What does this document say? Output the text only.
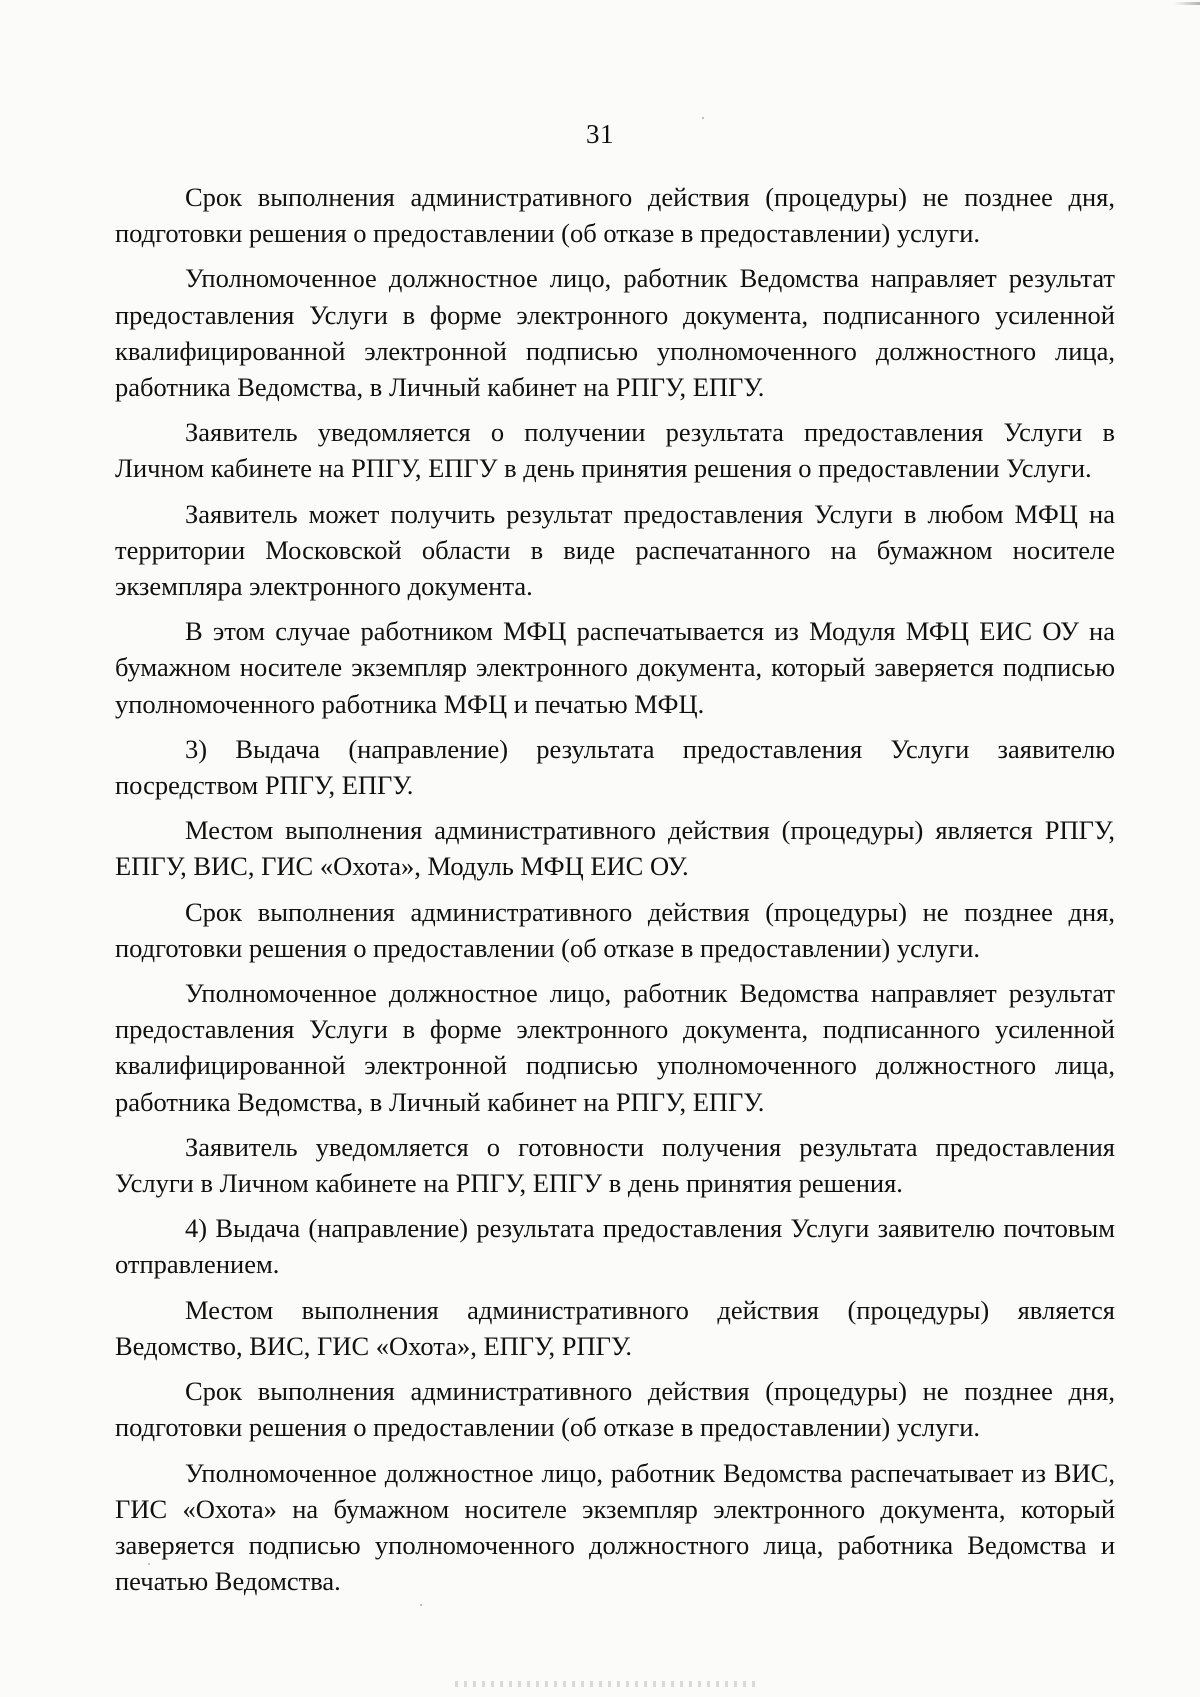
31

Срок выполнения административного действия (процедуры) не позднее дня, подготовки решения о предоставлении (об отказе в предоставлении) услуги.

Уполномоченное должностное лицо, работник Ведомства направляет результат предоставления Услуги в форме электронного документа, подписанного усиленной квалифицированной электронной подписью уполномоченного должностного лица, работника Ведомства, в Личный кабинет на РПГУ, ЕПГУ.

Заявитель уведомляется о получении результата предоставления Услуги в Личном кабинете на РПГУ, ЕПГУ в день принятия решения о предоставлении Услуги.

Заявитель может получить результат предоставления Услуги в любом МФЦ на территории Московской области в виде распечатанного на бумажном носителе экземпляра электронного документа.

В этом случае работником МФЦ распечатывается из Модуля МФЦ ЕИС ОУ на бумажном носителе экземпляр электронного документа, который заверяется подписью уполномоченного работника МФЦ и печатью МФЦ.

3) Выдача (направление) результата предоставления Услуги заявителю посредством РПГУ, ЕПГУ.

Местом выполнения административного действия (процедуры) является РПГУ, ЕПГУ, ВИС, ГИС «Охота», Модуль МФЦ ЕИС ОУ.

Срок выполнения административного действия (процедуры) не позднее дня, подготовки решения о предоставлении (об отказе в предоставлении) услуги.

Уполномоченное должностное лицо, работник Ведомства направляет результат предоставления Услуги в форме электронного документа, подписанного усиленной квалифицированной электронной подписью уполномоченного должностного лица, работника Ведомства, в Личный кабинет на РПГУ, ЕПГУ.

Заявитель уведомляется о готовности получения результата предоставления Услуги в Личном кабинете на РПГУ, ЕПГУ в день принятия решения.

4) Выдача (направление) результата предоставления Услуги заявителю почтовым отправлением.

Местом выполнения административного действия (процедуры) является Ведомство, ВИС, ГИС «Охота», ЕПГУ, РПГУ.

Срок выполнения административного действия (процедуры) не позднее дня, подготовки решения о предоставлении (об отказе в предоставлении) услуги.

Уполномоченное должностное лицо, работник Ведомства распечатывает из ВИС, ГИС «Охота» на бумажном носителе экземпляр электронного документа, который заверяется подписью уполномоченного должностного лица, работника Ведомства и печатью Ведомства.
